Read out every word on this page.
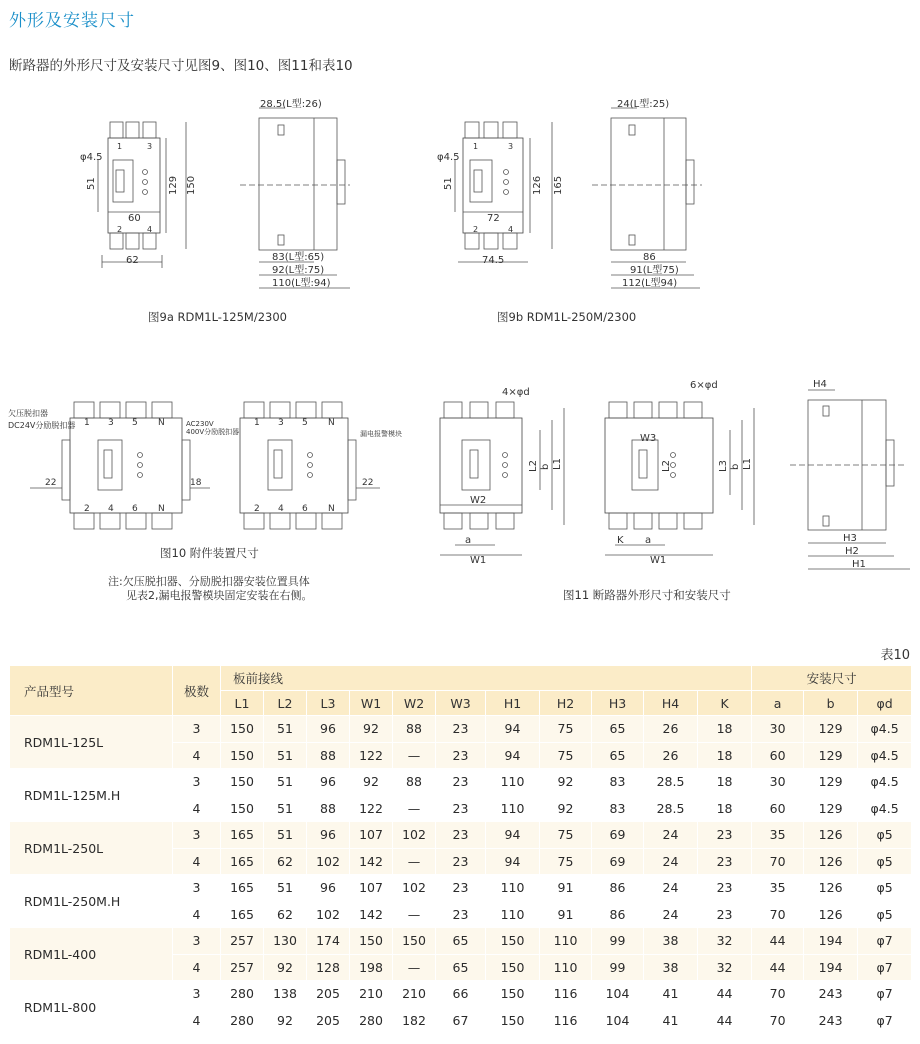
外形及安装尺寸
断路器的外形尺寸及安装尺寸见图9、图10、图11和表10
1	3
2	4
φ4.5
60
62
51	129 150
28.5(L型:26)
83(L型:65)
92(L型:75)
110(L型:94)
1	3
2	4
φ4.5
72
74.5
51	126 165
24(L型:25)
86
91(L型75)
112(L型94)
欠压脱扣器
DC24V分励脱扣器	AC230V
400V分励脱扣器	漏电报警模块
22	18	22
1 3 5 N
2 4 6 N
1 3 5 N
2 4 6 N
4×φd
W2
W1
a
L2 b L1
6×φd
W3
W1
K a
L2	L3 b L1
H4
H3
H2
H1
图9a RDM1L-125M/2300	图9b RDM1L-250M/2300
图10 附件装置尺寸
注:欠压脱扣器、分励脱扣器安装位置具体
见表2,漏电报警模块固定安装在右侧。	图11 断路器外形尺寸和安装尺寸
表10
产品型号	极数	板前接线											安装尺寸		
		L1	L2	L3	W1	W2	W3	H1	H2	H3	H4	K	a	b	φd
RDM1L-125L	3	150	51	96	92	88	23	94	75	65	26	18	30	129	φ4.5
	4	150	51	88	122	—	23	94	75	65	26	18	60	129	φ4.5
RDM1L-125M.H	3	150	51	96	92	88	23	110	92	83	28.5	18	30	129	φ4.5
	4	150	51	88	122	—	23	110	92	83	28.5	18	60	129	φ4.5
RDM1L-250L	3	165	51	96	107	102	23	94	75	69	24	23	35	126	φ5
	4	165	62	102	142	—	23	94	75	69	24	23	70	126	φ5
RDM1L-250M.H	3	165	51	96	107	102	23	110	91	86	24	23	35	126	φ5
	4	165	62	102	142	—	23	110	91	86	24	23	70	126	φ5
RDM1L-400	3	257	130	174	150	150	65	150	110	99	38	32	44	194	φ7
	4	257	92	128	198	—	65	150	110	99	38	32	44	194	φ7
RDM1L-800	3	280	138	205	210	210	66	150	116	104	41	44	70	243	φ7
	4	280	92	205	280	182	67	150	116	104	41	44	70	243	φ7
